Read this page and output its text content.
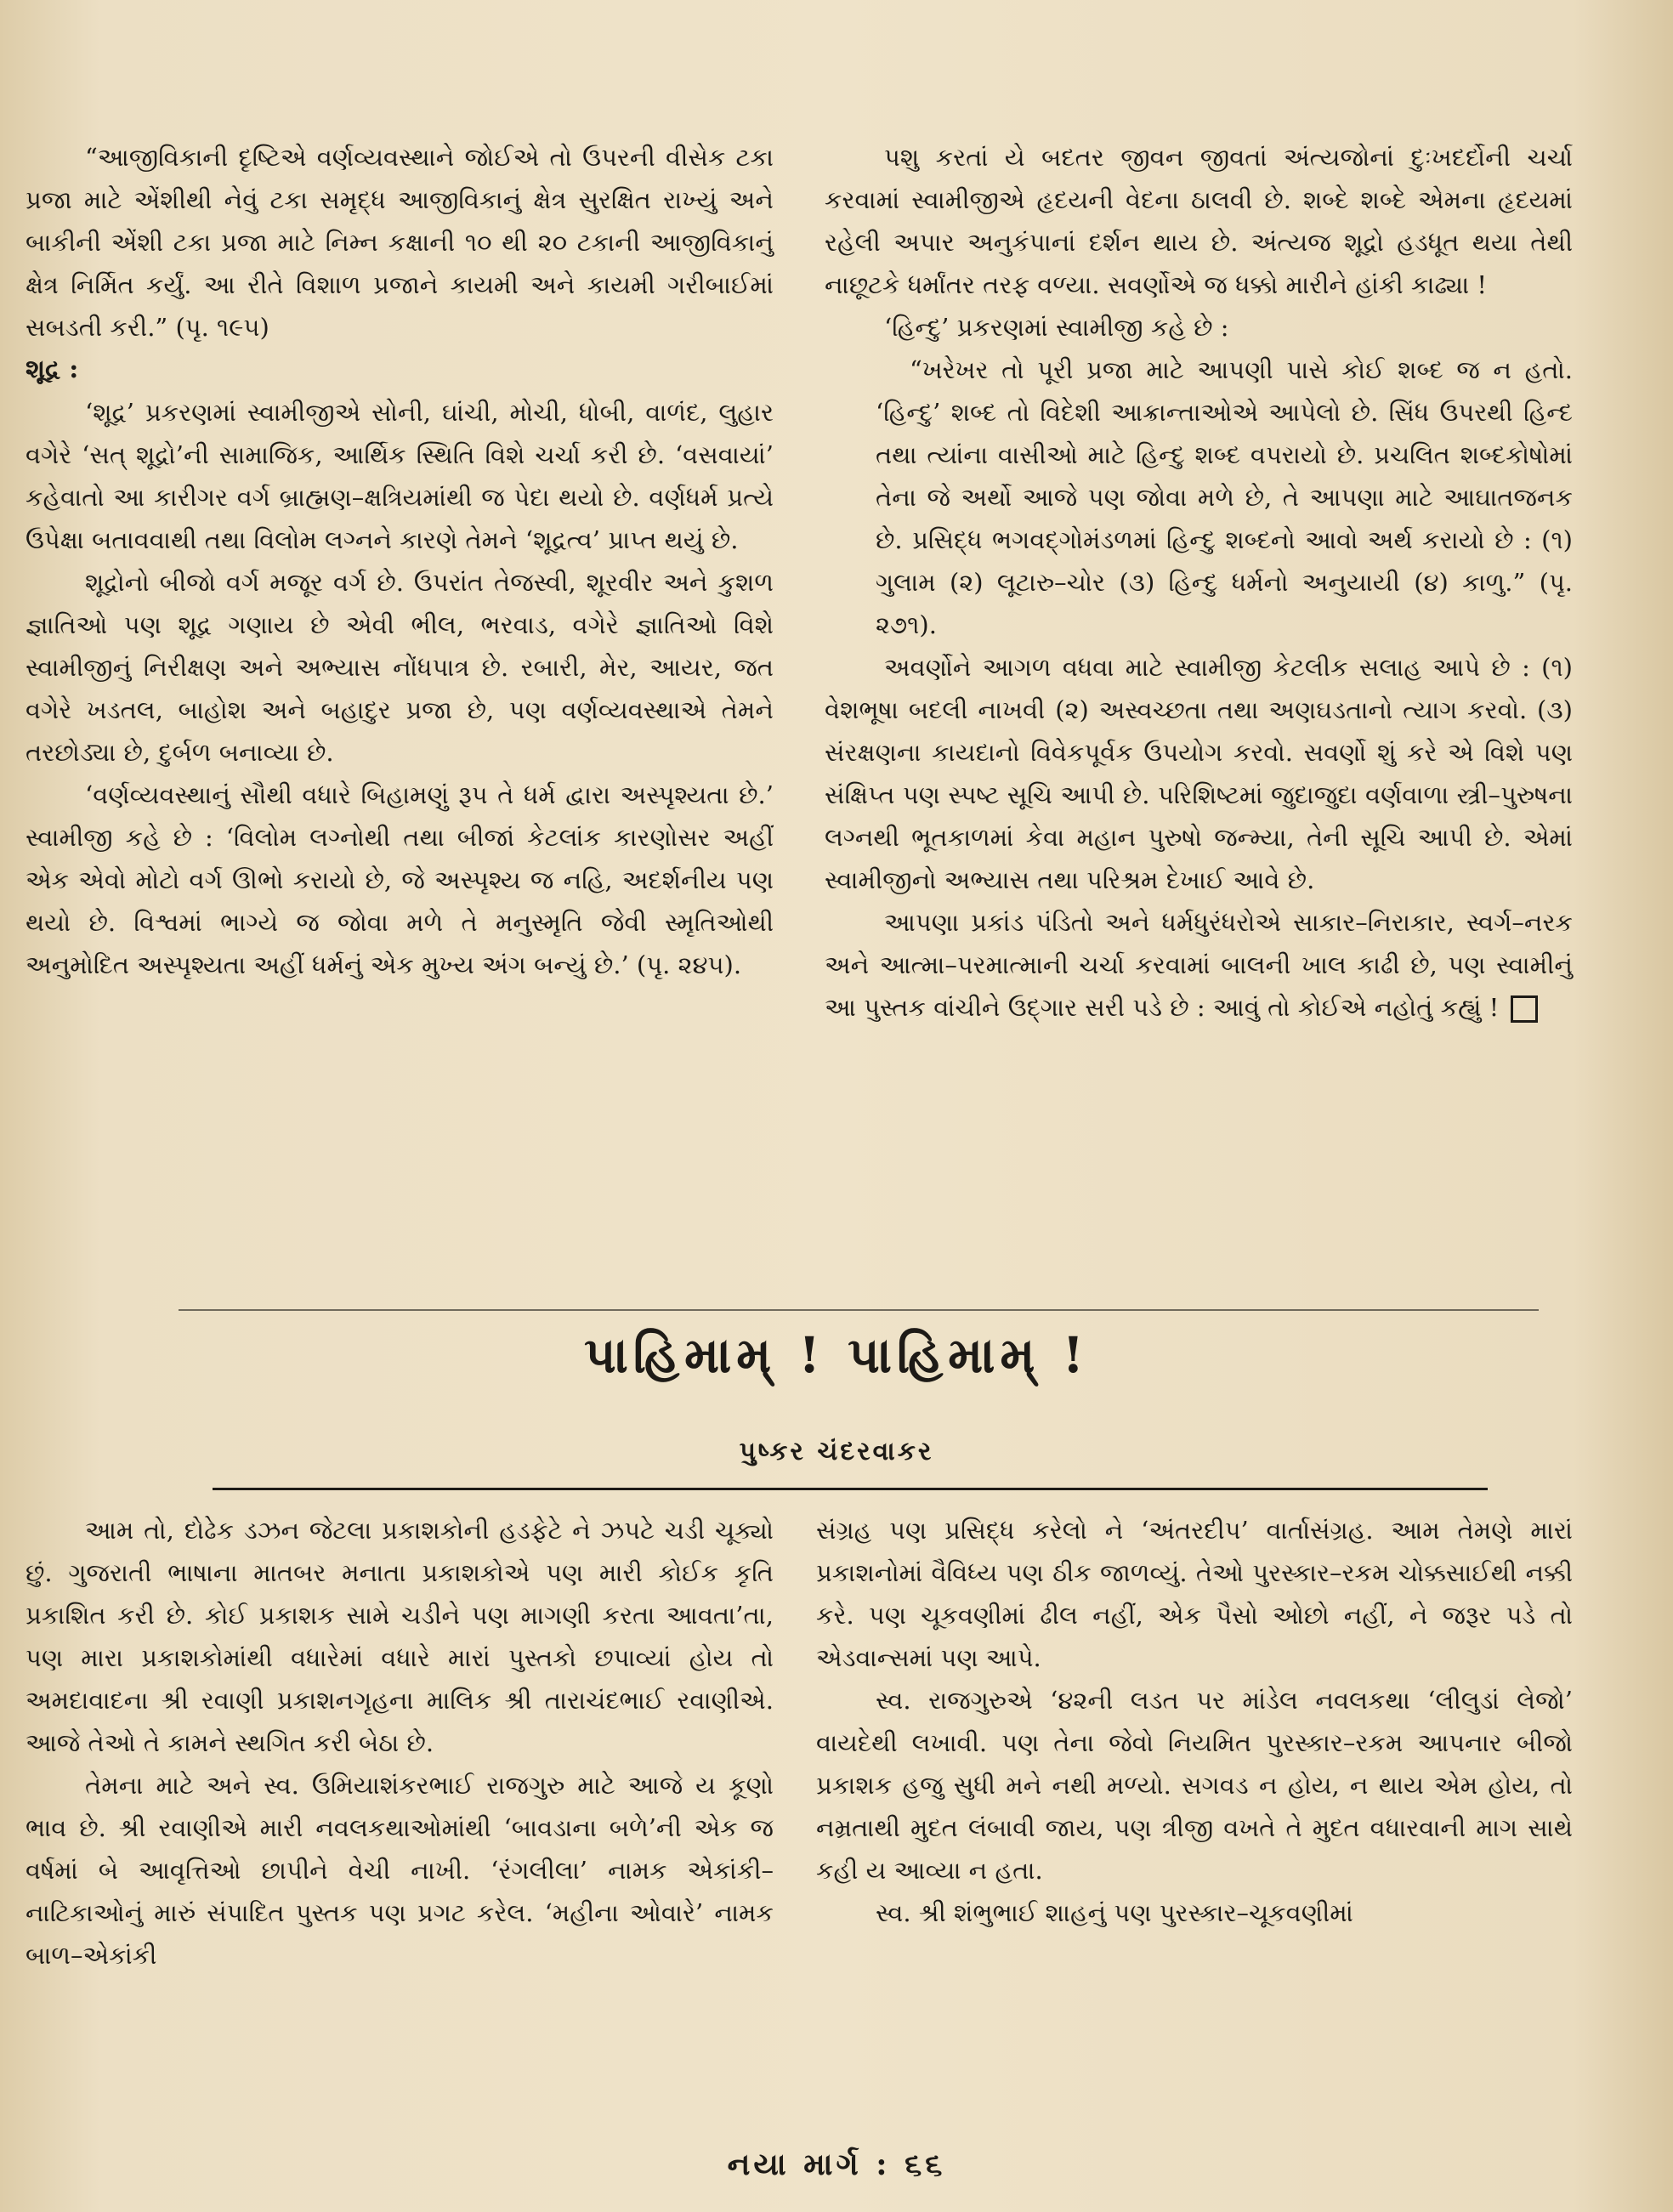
“આજીવિકાની દૃષ્ટિએ વર્ણવ્યવસ્થાને જોઈએ તો ઉપરની વીસેક ટકા પ્રજા માટે એંશીથી નેવું ટકા સમૃદ્ધ આજીવિકાનું ક્ષેત્ર સુરક્ષિત રાખ્યું અને બાકીની એંશી ટકા પ્રજા માટે નિમ્ન કક્ષાની ૧૦ થી ૨૦ ટકાની આજીવિકાનું ક્ષેત્ર નિર્મિત કર્યું. આ રીતે વિશાળ પ્રજાને કાયમી અને કાયમી ગરીબાઈમાં સબડતી કરી.” (પૃ. ૧૯૫)

શૂદ્ર :

‘શૂદ્ર’ પ્રકરણમાં સ્વામીજીએ સોની, ઘાંચી, મોચી, ધોબી, વાળંદ, લુહાર વગેરે ‘સત્ શૂદ્રો’ની સામાજિક, આર્થિક સ્થિતિ વિશે ચર્ચા કરી છે. ‘વસવાયાં’ કહેવાતો આ કારીગર વર્ગ બ્રાહ્મણ–ક્ષત્રિયમાંથી જ પેદા થયો છે. વર્ણધર્મ પ્રત્યે ઉપેક્ષા બતાવવાથી તથા વિલોમ લગ્નને કારણે તેમને ‘શૂદ્રત્વ’ પ્રાપ્ત થયું છે.

શૂદ્રોનો બીજો વર્ગ મજૂર વર્ગ છે. ઉપરાંત તેજસ્વી, શૂરવીર અને કુશળ જ્ઞાતિઓ પણ શૂદ્ર ગણાય છે એવી ભીલ, ભરવાડ, વગેરે જ્ઞાતિઓ વિશે સ્વામીજીનું નિરીક્ષણ અને અભ્યાસ નોંધપાત્ર છે. રબારી, મેર, આયર, જત વગેરે ખડતલ, બાહોશ અને બહાદુર પ્રજા છે, પણ વર્ણવ્યવસ્થાએ તેમને તરછોડ્યા છે, દુર્બળ બનાવ્યા છે.

‘વર્ણવ્યવસ્થાનું સૌથી વધારે બિહામણું રૂપ તે ધર્મ દ્વારા અસ્પૃશ્યતા છે.’ સ્વામીજી કહે છે : ‘વિલોમ લગ્નોથી તથા બીજાં કેટલાંક કારણોસર અહીં એક એવો મોટો વર્ગ ઊભો કરાયો છે, જે અસ્પૃશ્ય જ નહિ, અદર્શનીય પણ થયો છે. વિશ્વમાં ભાગ્યે જ જોવા મળે તે મનુસ્મૃતિ જેવી સ્મૃતિઓથી અનુમોદિત અસ્પૃશ્યતા અહીં ધર્મનું એક મુખ્ય અંગ બન્યું છે.’ (પૃ. ૨૪૫).

પશુ કરતાં યે બદતર જીવન જીવતાં અંત્યજોનાં દુઃખદર્દોની ચર્ચા કરવામાં સ્વામીજીએ હૃદયની વેદના ઠાલવી છે. શબ્દે શબ્દે એમના હૃદયમાં રહેલી અપાર અનુકંપાનાં દર્શન થાય છે. અંત્યજ શૂદ્રો હડધૂત થયા તેથી નાછૂટકે ધર્માંતર તરફ વળ્યા. સવર્ણોએ જ ધક્કો મારીને હાંકી કાઢ્યા !

‘હિન્દુ’ પ્રકરણમાં સ્વામીજી કહે છે :

“ખરેખર તો પૂરી પ્રજા માટે આપણી પાસે કોઈ શબ્દ જ ન હતો. ‘હિન્દુ’ શબ્દ તો વિદેશી આક્રાન્તાઓએ આપેલો છે. સિંધ ઉપરથી હિન્દ તથા ત્યાંના વાસીઓ માટે હિન્દુ શબ્દ વપરાયો છે. પ્રચલિત શબ્દકોષોમાં તેના જે અર્થો આજે પણ જોવા મળે છે, તે આપણા માટે આઘાતજનક છે. પ્રસિદ્ધ ભગવદ્ગોમંડળમાં હિન્દુ શબ્દનો આવો અર્થ કરાયો છે : (૧) ગુલામ (૨) લૂટારુ–ચોર (૩) હિન્દુ ધર્મનો અનુયાયી (૪) કાળુ.” (પૃ. ૨૭૧).

અવર્ણોને આગળ વધવા માટે સ્વામીજી કેટલીક સલાહ આપે છે : (૧) વેશભૂષા બદલી નાખવી (૨) અસ્વચ્છતા તથા અણઘડતાનો ત્યાગ કરવો. (૩) સંરક્ષણના કાયદાનો વિવેકપૂર્વક ઉપયોગ કરવો. સવર્ણો શું કરે એ વિશે પણ સંક્ષિપ્ત પણ સ્પષ્ટ સૂચિ આપી છે. પરિશિષ્ટમાં જુદાજુદા વર્ણવાળા સ્ત્રી–પુરુષના લગ્નથી ભૂતકાળમાં કેવા મહાન પુરુષો જન્મ્યા, તેની સૂચિ આપી છે. એમાં સ્વામીજીનો અભ્યાસ તથા પરિશ્રમ દેખાઈ આવે છે.

આપણા પ્રકાંડ પંડિતો અને ધર્મધુરંધરોએ સાકાર–નિરાકાર, સ્વર્ગ–નરક અને આત્મા–પરમાત્માની ચર્ચા કરવામાં બાલની ખાલ કાઢી છે, પણ સ્વામીનું આ પુસ્તક વાંચીને ઉદ્ગાર સરી પડે છે : આવું તો કોઈએ નહોતું કહ્યું !

પાહિમામ્ ! પાહિમામ્ !
પુષ્કર ચંદરવાકર

આમ તો, દોઢેક ડઝન જેટલા પ્રકાશકોની હડફેટે ને ઝપટે ચડી ચૂક્યો છું. ગુજરાતી ભાષાના માતબર મનાતા પ્રકાશકોએ પણ મારી કોઈક કૃતિ પ્રકાશિત કરી છે. કોઈ પ્રકાશક સામે ચડીને પણ માગણી કરતા આવતા’તા, પણ મારા પ્રકાશકોમાંથી વધારેમાં વધારે મારાં પુસ્તકો છપાવ્યાં હોય તો અમદાવાદના શ્રી રવાણી પ્રકાશનગૃહના માલિક શ્રી તારાચંદભાઈ રવાણીએ. આજે તેઓ તે કામને સ્થગિત કરી બેઠા છે.

તેમના માટે અને સ્વ. ઉમિયાશંકરભાઈ રાજગુરુ માટે આજે ય કૂણો ભાવ છે. શ્રી રવાણીએ મારી નવલકથાઓમાંથી ‘બાવડાના બળે’ની એક જ વર્ષમાં બે આવૃત્તિઓ છાપીને વેચી નાખી. ‘રંગલીલા’ નામક એકાંકી–નાટિકાઓનું મારું સંપાદિત પુસ્તક પણ પ્રગટ કરેલ. ‘મહીના ઓવારે’ નામક બાળ–એકાંકી

સંગ્રહ પણ પ્રસિદ્ધ કરેલો ને ‘અંતરદીપ’ વાર્તાસંગ્રહ. આમ તેમણે મારાં પ્રકાશનોમાં વૈવિધ્ય પણ ઠીક જાળવ્યું. તેઓ પુરસ્કાર–રકમ ચોક્કસાઈથી નક્કી કરે. પણ ચૂકવણીમાં ઢીલ નહીં, એક પૈસો ઓછો નહીં, ને જરૂર પડે તો એડવાન્સમાં પણ આપે.

સ્વ. રાજગુરુએ ‘૪૨ની લડત પર માંડેલ નવલકથા ‘લીલુડાં લેજો’ વાયદેથી લખાવી. પણ તેના જેવો નિયમિત પુરસ્કાર–રકમ આપનાર બીજો પ્રકાશક હજુ સુધી મને નથી મળ્યો. સગવડ ન હોય, ન થાય એમ હોય, તો નમ્રતાથી મુદત લંબાવી જાય, પણ ત્રીજી વખતે તે મુદત વધારવાની માગ સાથે કહી ય આવ્યા ન હતા.

સ્વ. શ્રી શંભુભાઈ શાહનું પણ પુરસ્કાર–ચૂકવણીમાં

નયા માર્ગ : ૬૬
